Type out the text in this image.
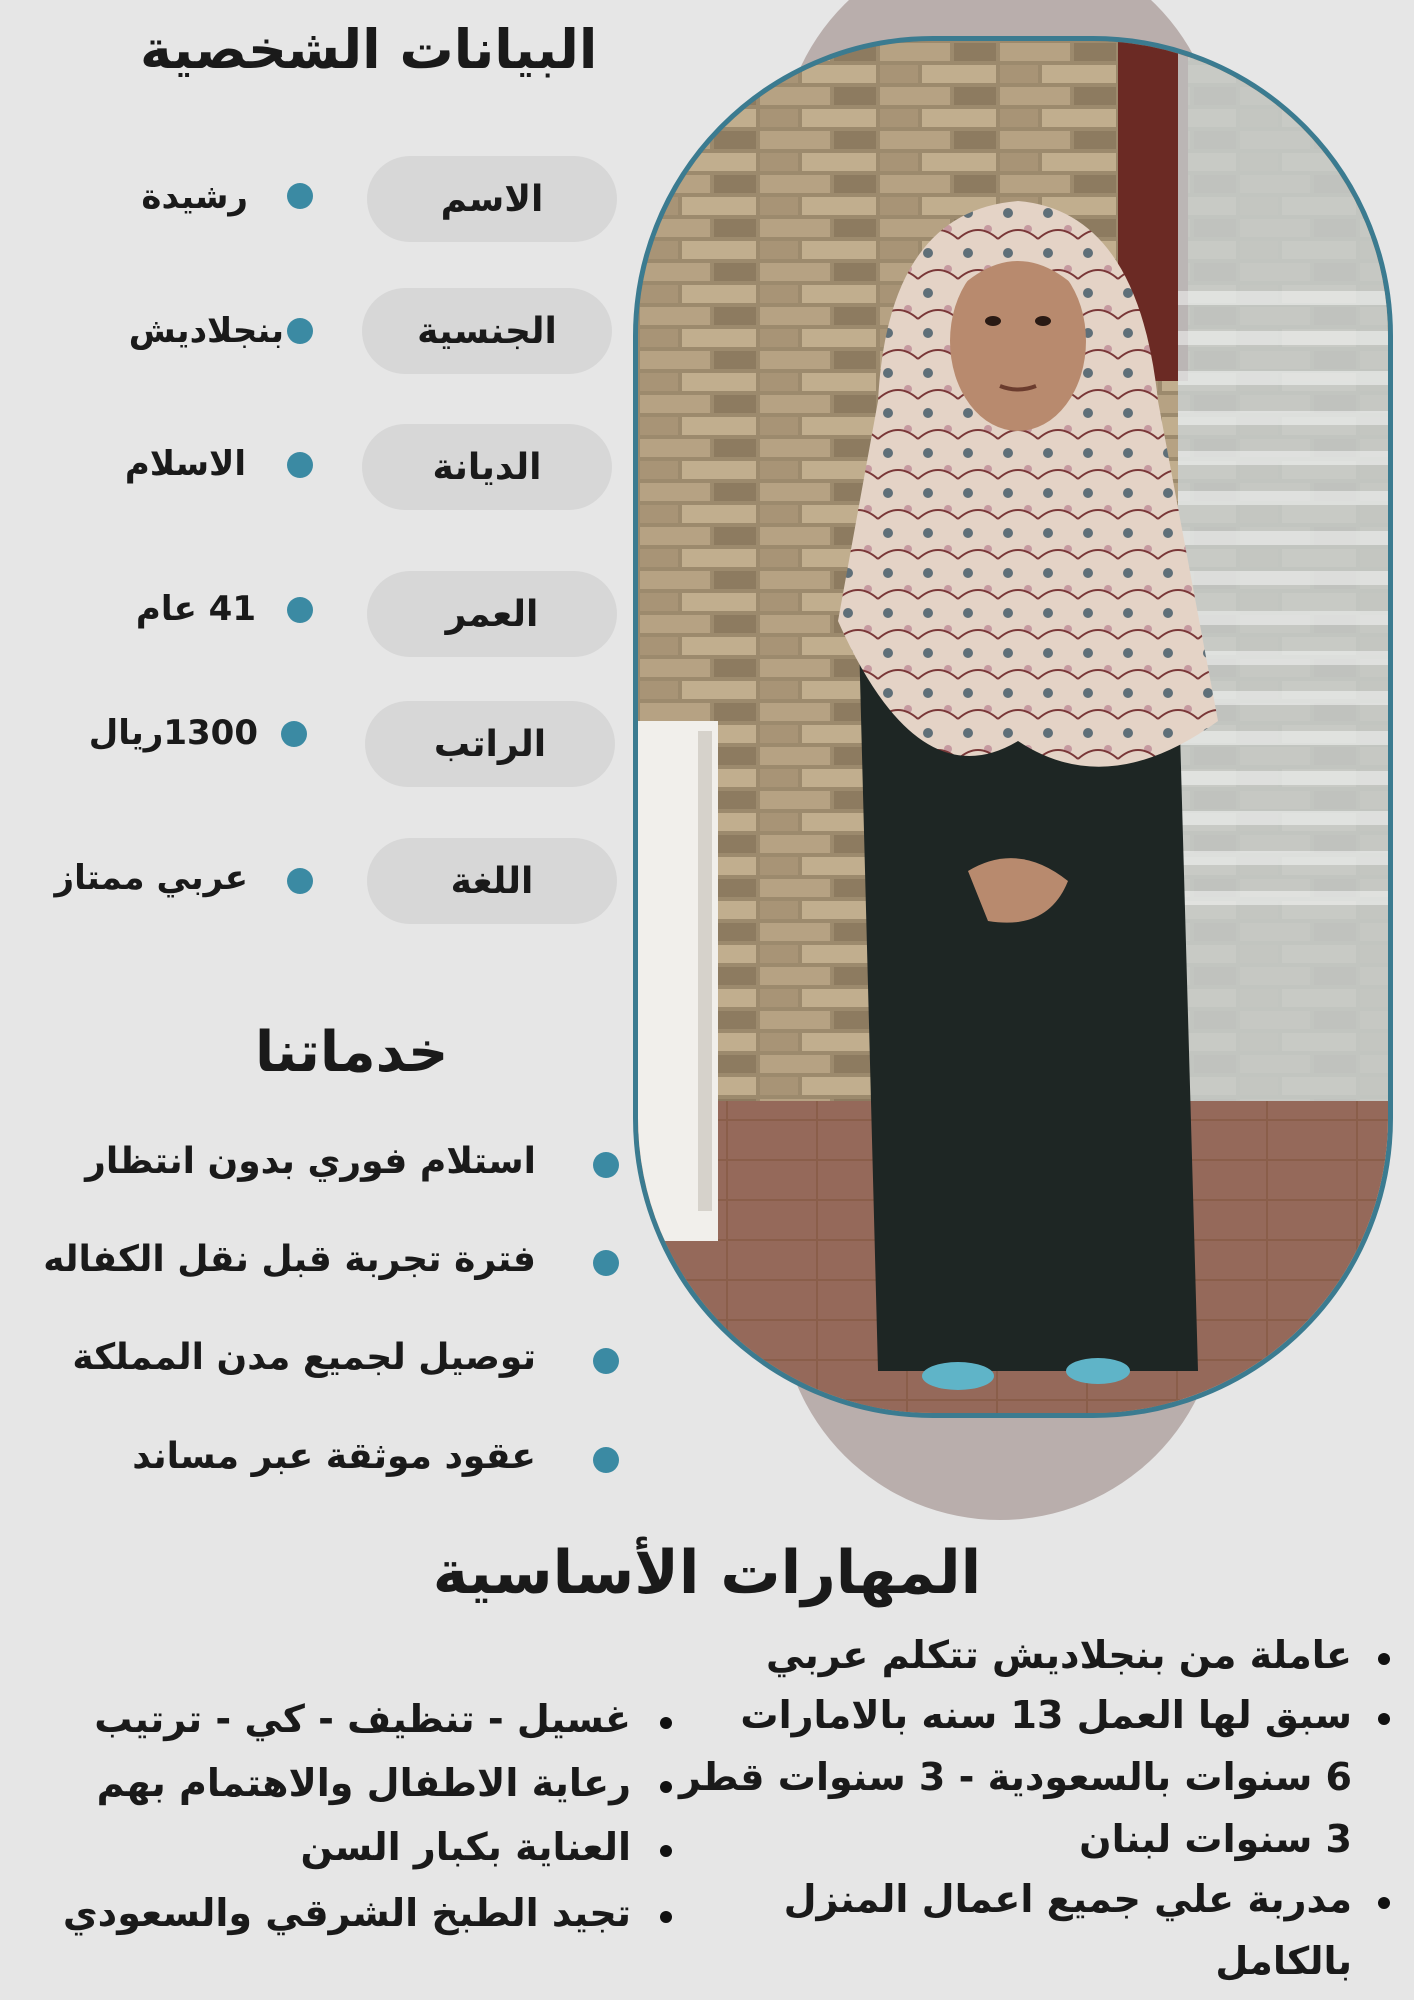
البيانات الشخصية
الاسم
رشيدة
الجنسية
بنجلاديش
الديانة
الاسلام
العمر
41 عام
الراتب
1300ريال
اللغة
عربي ممتاز
خدماتنا
استلام فوري بدون انتظار
فترة تجربة قبل نقل الكفاله
توصيل لجميع مدن المملكة
عقود موثقة عبر مساند
المهارات الأساسية
عاملة من بنجلاديش تتكلم عربي
سبق لها العمل 13 سنه بالامارات
6 سنوات بالسعودية - 3 سنوات قطر
3 سنوات لبنان
مدربة علي جميع اعمال المنزل
بالكامل
غسيل - تنظيف - كي - ترتيب
رعاية الاطفال والاهتمام بهم
العناية بكبار السن
تجيد الطبخ الشرقي والسعودي
